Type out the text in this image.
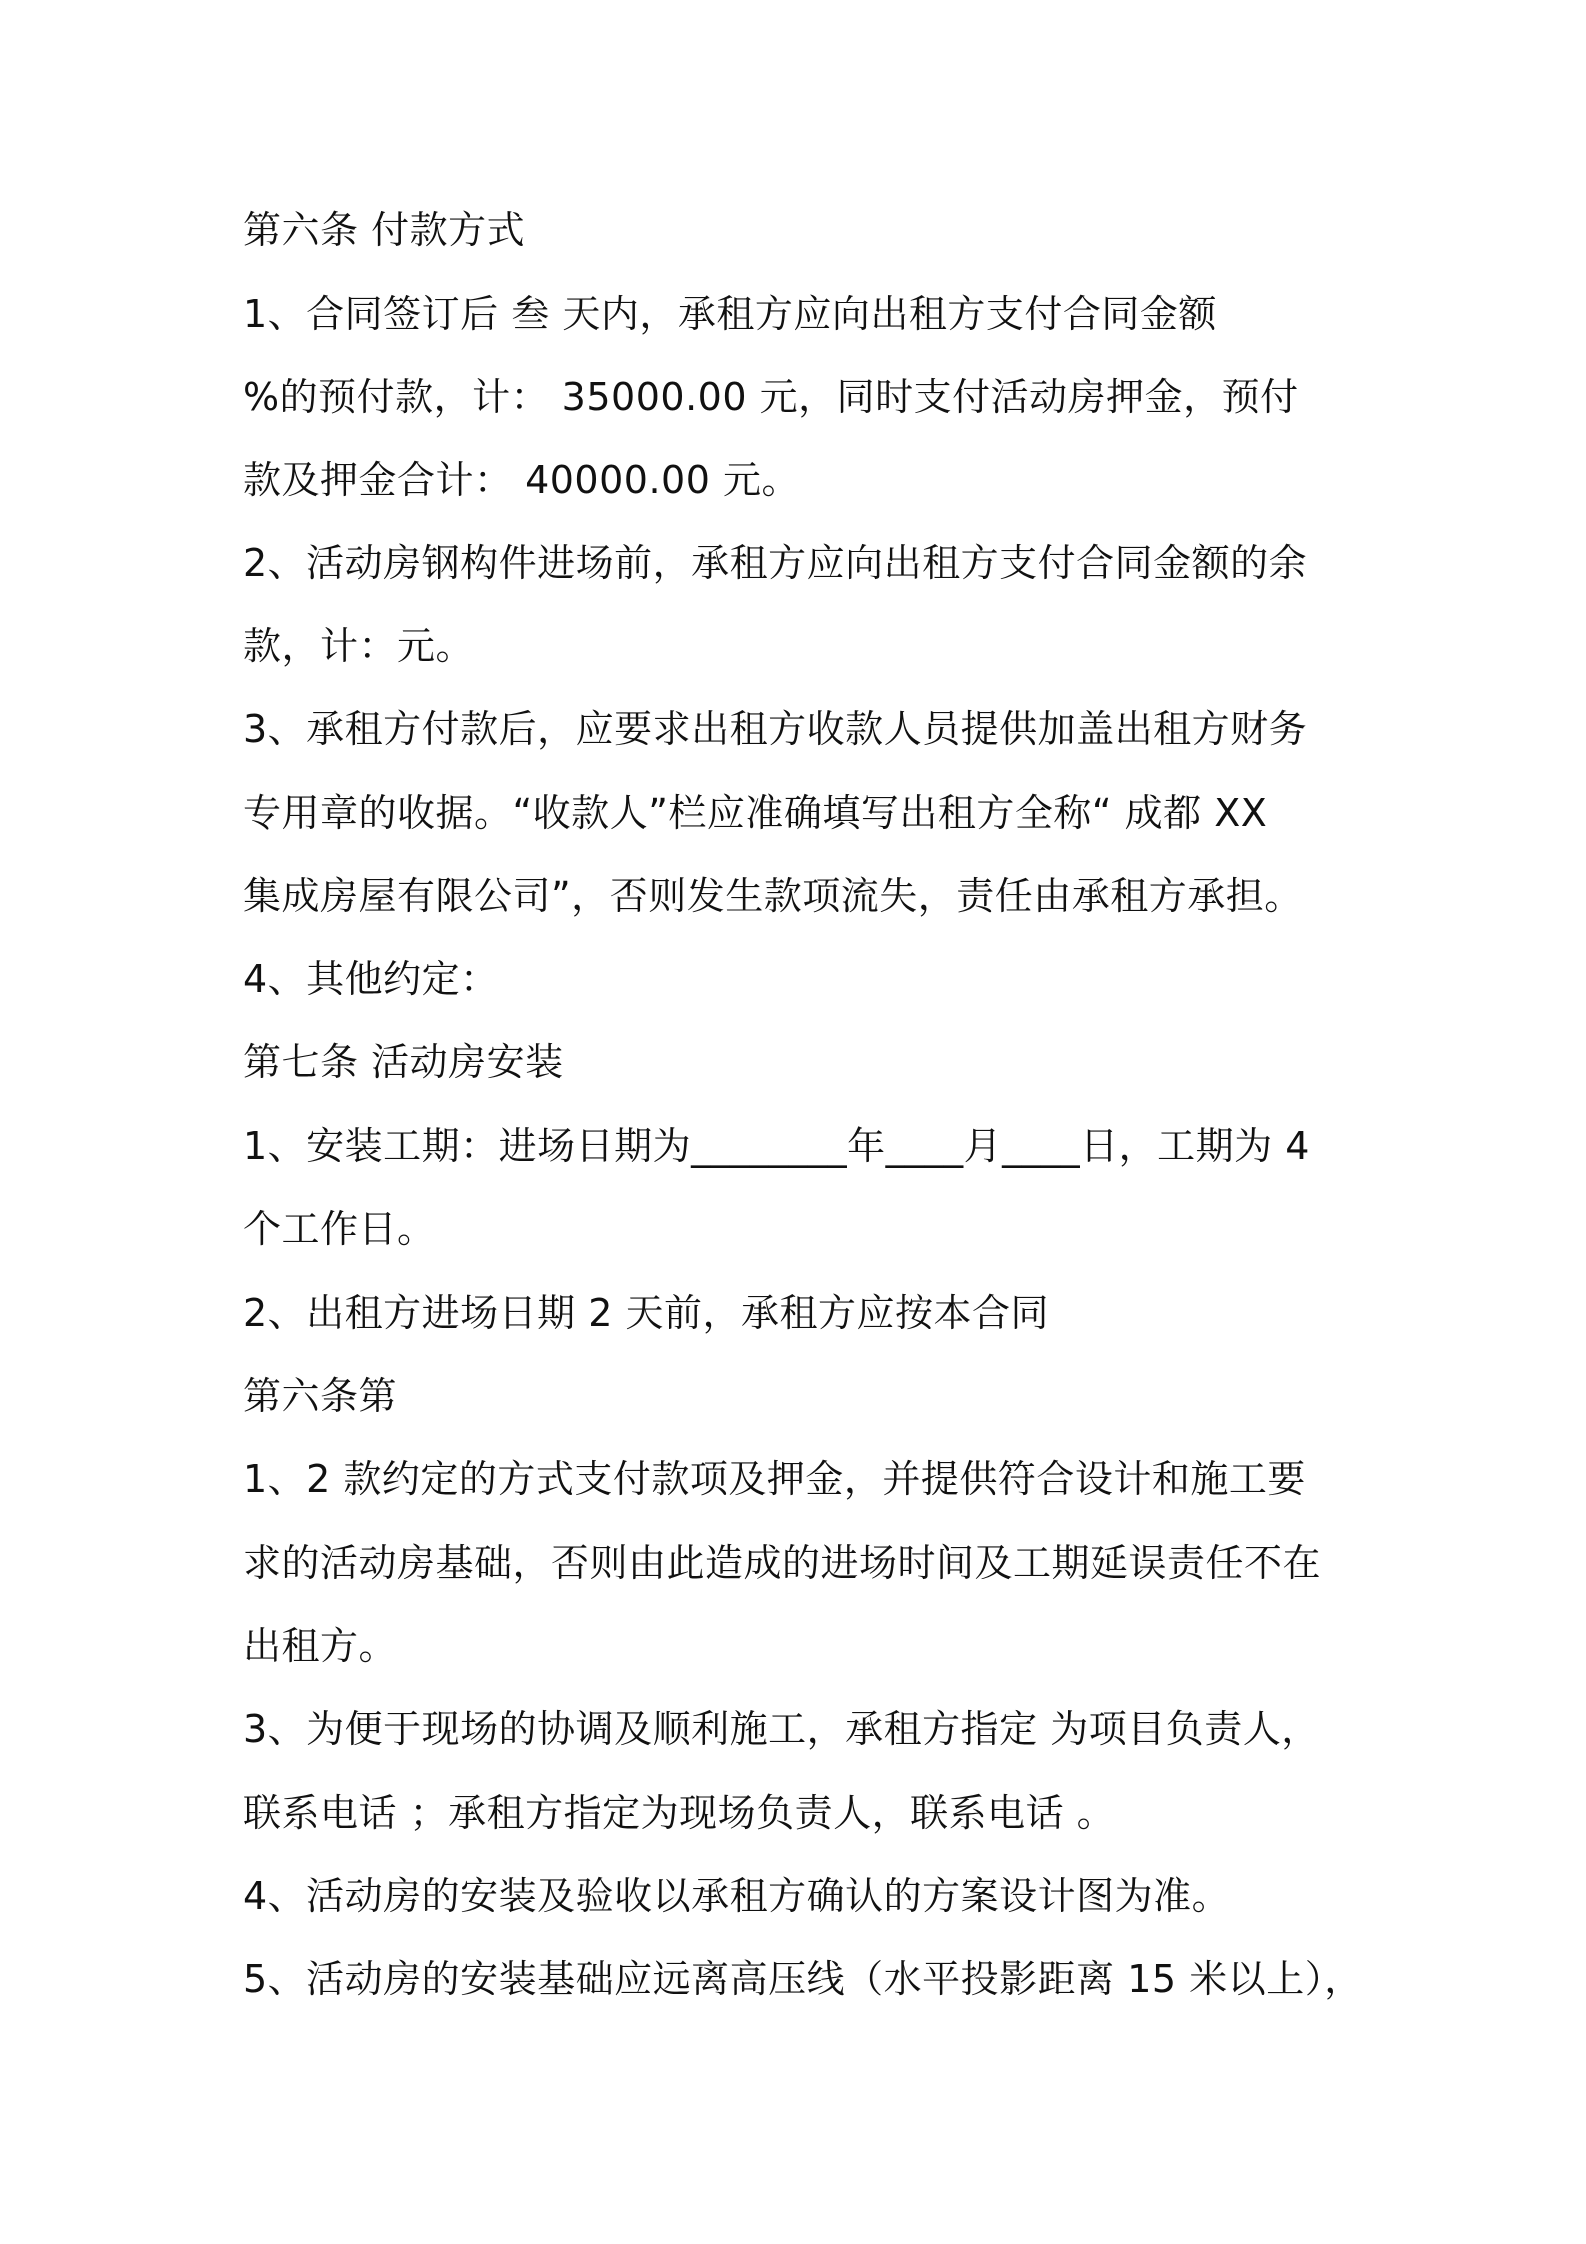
第六条 付款方式
1、合同签订后 叁 天内，承租方应向出租方支付合同金额
%的预付款，计： 35000.00 元，同时支付活动房押金，预付
款及押金合计： 40000.00 元。
2、活动房钢构件进场前，承租方应向出租方支付合同金额的余
款，计：元。
3、承租方付款后，应要求出租方收款人员提供加盖出租方财务
专用章的收据。“收款人”栏应准确填写出租方全称“ 成都 XX
集成房屋有限公司”，否则发生款项流失，责任由承租方承担。
4、其他约定：
第七条 活动房安装
1、安装工期：进场日期为________年____月____日，工期为 4
个工作日。
2、出租方进场日期 2 天前，承租方应按本合同
第六条第
1、2 款约定的方式支付款项及押金，并提供符合设计和施工要
求的活动房基础，否则由此造成的进场时间及工期延误责任不在
出租方。
3、为便于现场的协调及顺利施工，承租方指定 为项目负责人，
联系电话 ；承租方指定为现场负责人，联系电话 。
4、活动房的安装及验收以承租方确认的方案设计图为准。
5、活动房的安装基础应远离高压线（水平投影距离 15 米以上），
